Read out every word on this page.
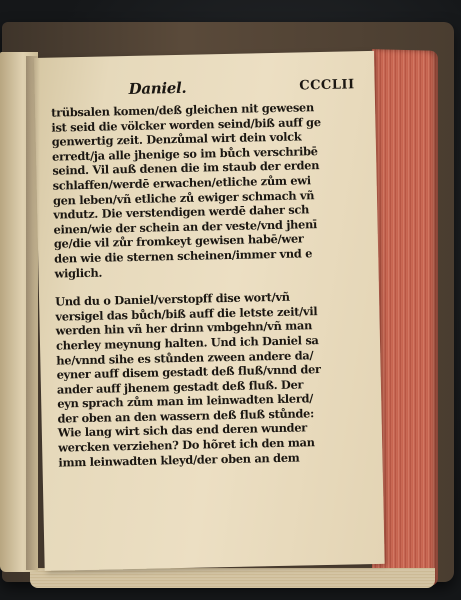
Daniel.	CCCLII
trübsalen komen/deß gleichen nit gewesen
ist seid die völcker worden seind/biß auff ge
genwertig zeit. Denzůmal wirt dein volck
erredt/ja alle jhenige so im bůch verschribē
seind. Vil auß denen die im staub der erden
schlaffen/werdē erwachen/etliche zům ewi
gen leben/vñ etliche zů ewiger schmach vñ
vndutz. Die verstendigen werdē daher sch
einen/wie der schein an der veste/vnd jhenī
ge/die vil zůr fromkeyt gewisen habē/wer
den wie die sternen scheinen/immer vnd e
wiglich.
Und du o Daniel/verstopff dise wort/vñ
versigel das bůch/biß auff die letste zeit/vil
werden hin vñ her drinn vmbgehn/vñ man
cherley meynung halten. Und ich Daniel sa
he/vnnd sihe es stůnden zween andere da/
eyner auff disem gestadt deß fluß/vnnd der
ander auff jhenem gestadt deß fluß. Der
eyn sprach zům man im leinwadten klerd/
der oben an den wassern deß fluß stůnde:
Wie lang wirt sich das end deren wunder
wercken verziehen? Do hõret ich den man
imm leinwadten kleyd/der oben an dem
